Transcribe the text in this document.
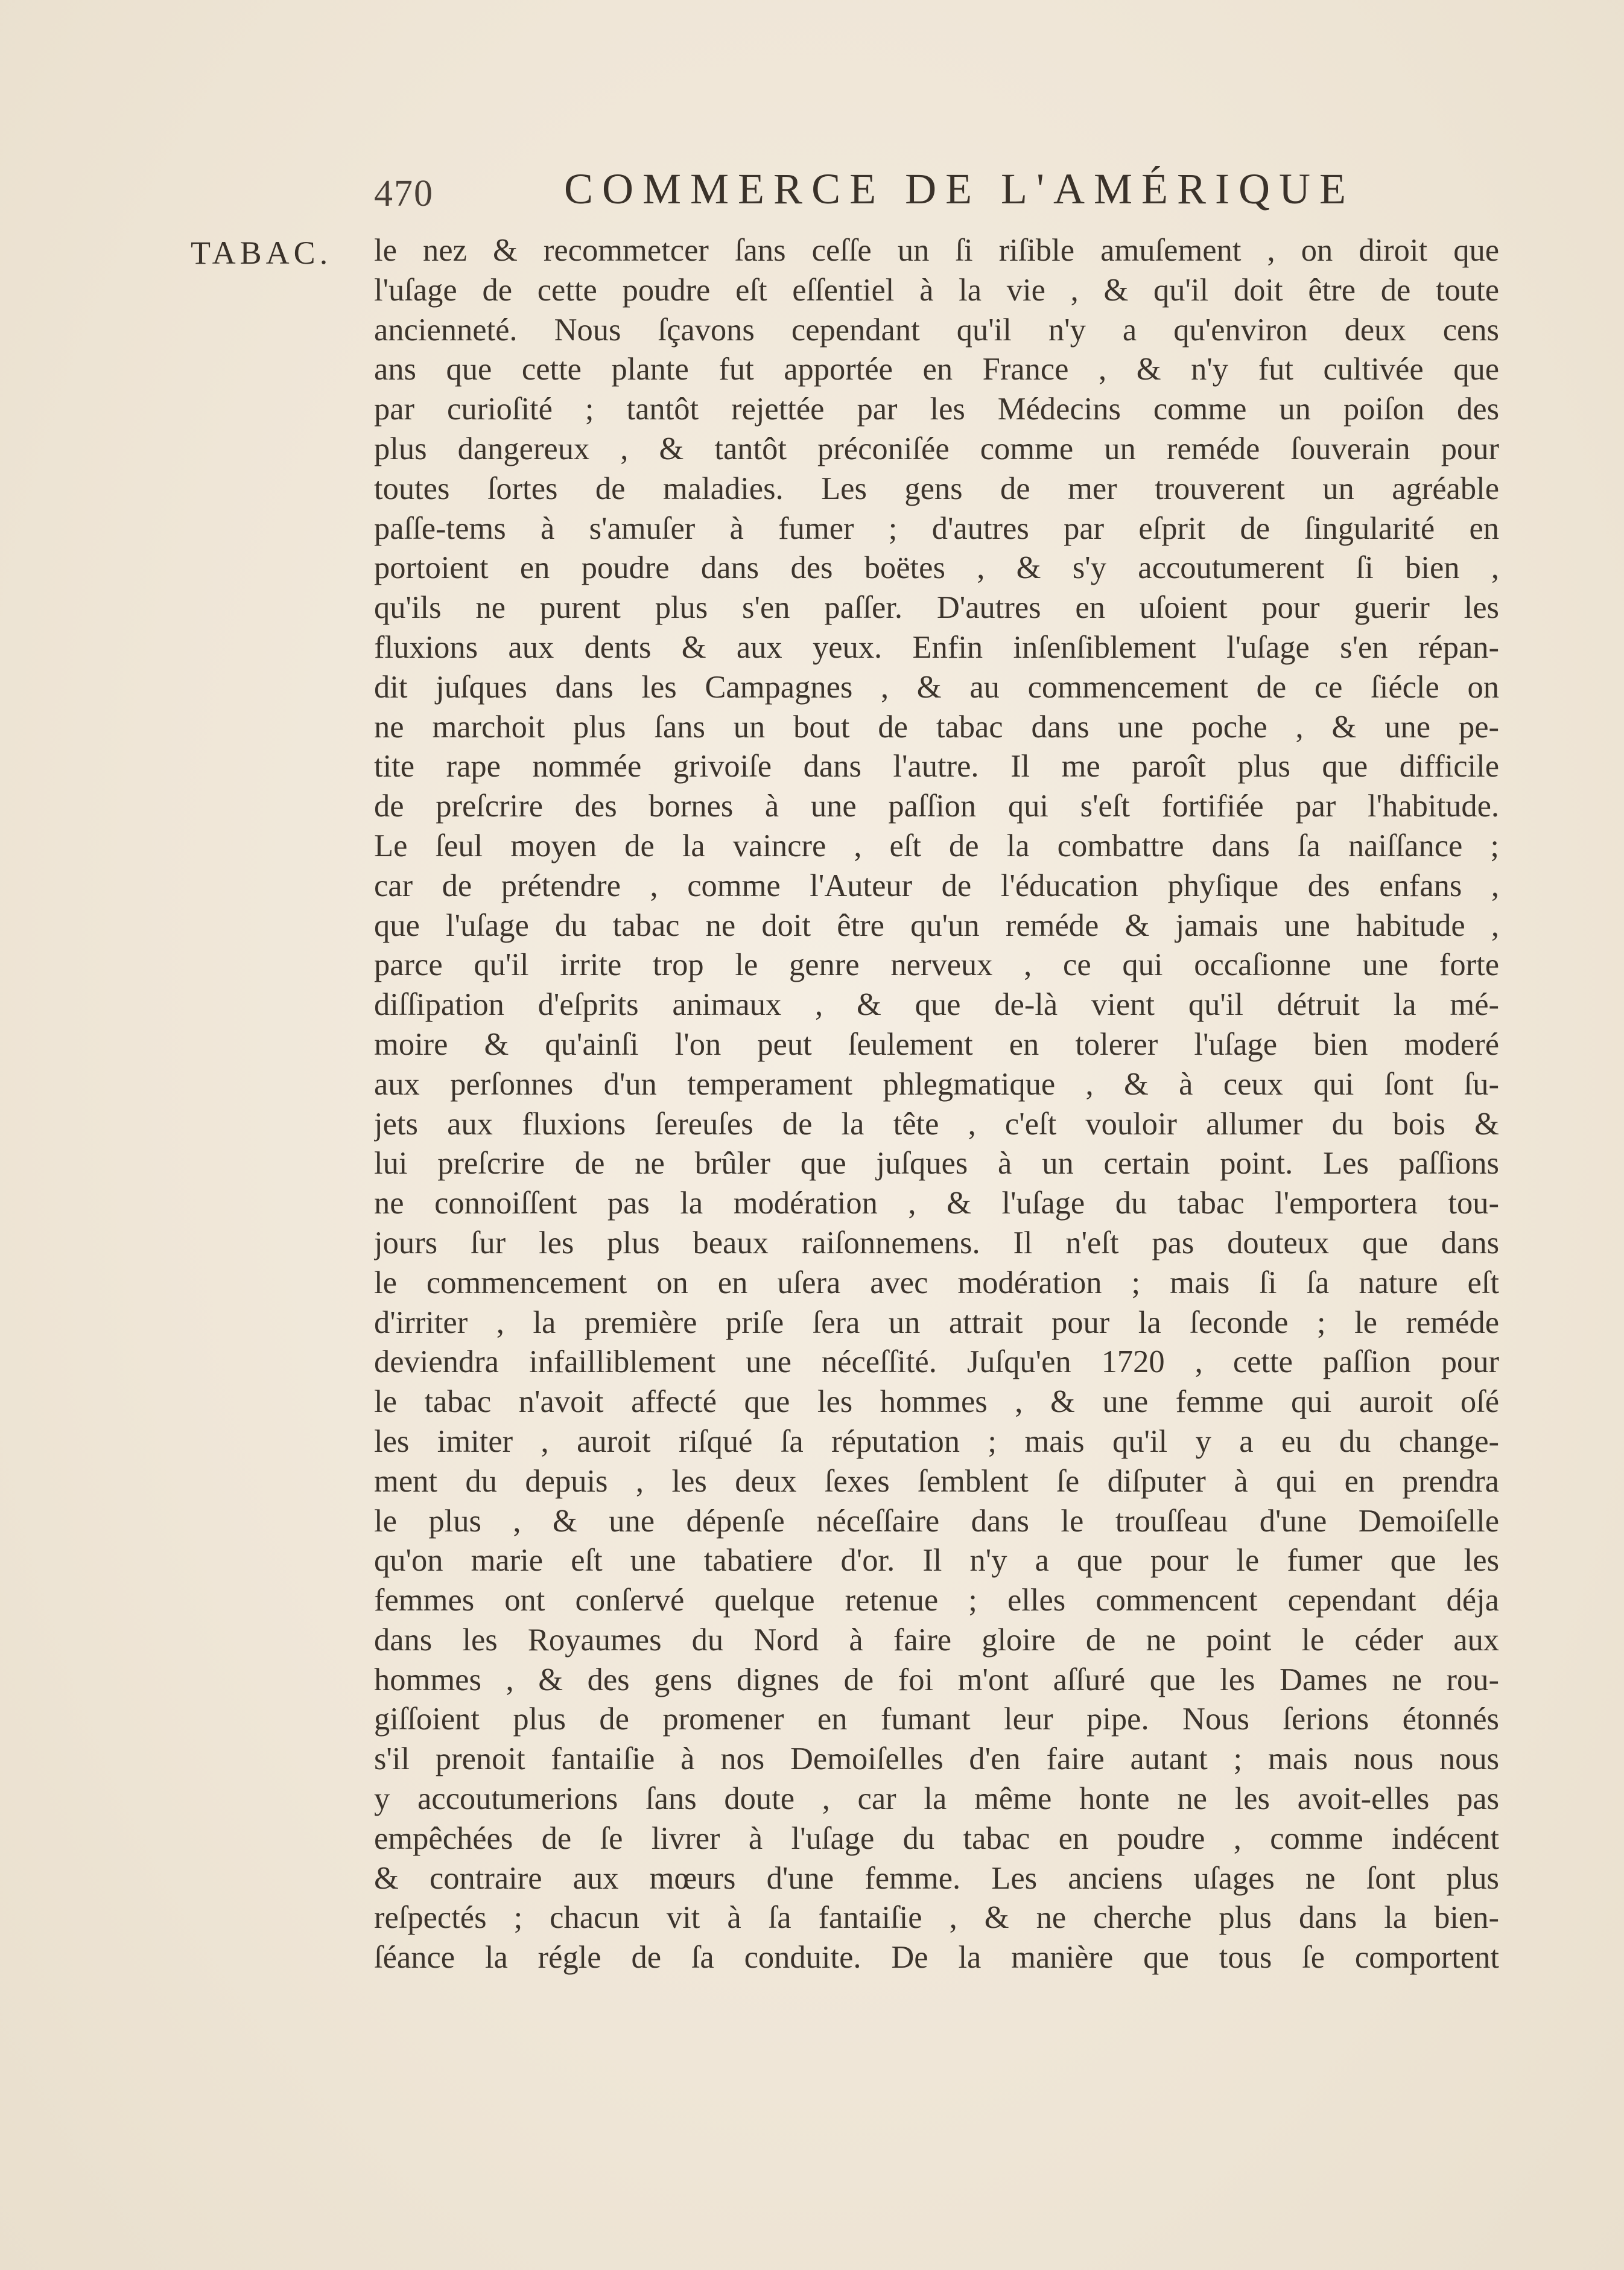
470	COMMERCE DE L'AMÉRIQUE
TABAC. le nez & recommetcer ſans ceſſe un ſi riſible amuſement , on diroit que
l'uſage de cette poudre eſt eſſentiel à la vie , & qu'il doit être de toute
ancienneté. Nous ſçavons cependant qu'il n'y a qu'environ deux cens
ans que cette plante fut apportée en France , & n'y fut cultivée que
par curioſité ; tantôt rejettée par les Médecins comme un poiſon des
plus dangereux , & tantôt préconiſée comme un reméde ſouverain pour
toutes ſortes de maladies. Les gens de mer trouverent un agréable
paſſe-tems à s'amuſer à fumer ; d'autres par eſprit de ſingularité en
portoient en poudre dans des boëtes , & s'y accoutumerent ſi bien ,
qu'ils ne purent plus s'en paſſer. D'autres en uſoient pour guerir les
fluxions aux dents & aux yeux. Enfin inſenſiblement l'uſage s'en répan-
dit juſques dans les Campagnes , & au commencement de ce ſiécle on
ne marchoit plus ſans un bout de tabac dans une poche , & une pe-
tite rape nommée grivoiſe dans l'autre. Il me paroît plus que difficile
de preſcrire des bornes à une paſſion qui s'eſt fortifiée par l'habitude.
Le ſeul moyen de la vaincre , eſt de la combattre dans ſa naiſſance ;
car de prétendre , comme l'Auteur de l'éducation phyſique des enfans ,
que l'uſage du tabac ne doit être qu'un reméde & jamais une habitude ,
parce qu'il irrite trop le genre nerveux , ce qui occaſionne une forte
diſſipation d'eſprits animaux , & que de-là vient qu'il détruit la mé-
moire & qu'ainſi l'on peut ſeulement en tolerer l'uſage bien moderé
aux perſonnes d'un temperament phlegmatique , & à ceux qui ſont ſu-
jets aux fluxions ſereuſes de la tête , c'eſt vouloir allumer du bois &
lui preſcrire de ne brûler que juſques à un certain point. Les paſſions
ne connoiſſent pas la modération , & l'uſage du tabac l'emportera tou-
jours ſur les plus beaux raiſonnemens. Il n'eſt pas douteux que dans
le commencement on en uſera avec modération ; mais ſi ſa nature eſt
d'irriter , la première priſe ſera un attrait pour la ſeconde ; le reméde
deviendra infailliblement une néceſſité. Juſqu'en 1720 , cette paſſion pour
le tabac n'avoit affecté que les hommes , & une femme qui auroit oſé
les imiter , auroit riſqué ſa réputation ; mais qu'il y a eu du change-
ment du depuis , les deux ſexes ſemblent ſe diſputer à qui en prendra
le plus , & une dépenſe néceſſaire dans le trouſſeau d'une Demoiſelle
qu'on marie eſt une tabatiere d'or. Il n'y a que pour le fumer que les
femmes ont conſervé quelque retenue ; elles commencent cependant déja
dans les Royaumes du Nord à faire gloire de ne point le céder aux
hommes , & des gens dignes de foi m'ont aſſuré que les Dames ne rou-
giſſoient plus de promener en fumant leur pipe. Nous ſerions étonnés
s'il prenoit fantaiſie à nos Demoiſelles d'en faire autant ; mais nous nous
y accoutumerions ſans doute , car la même honte ne les avoit-elles pas
empêchées de ſe livrer à l'uſage du tabac en poudre , comme indécent
& contraire aux mœurs d'une femme. Les anciens uſages ne ſont plus
reſpectés ; chacun vit à ſa fantaiſie , & ne cherche plus dans la bien-
ſéance la régle de ſa conduite. De la manière que tous ſe comportent
